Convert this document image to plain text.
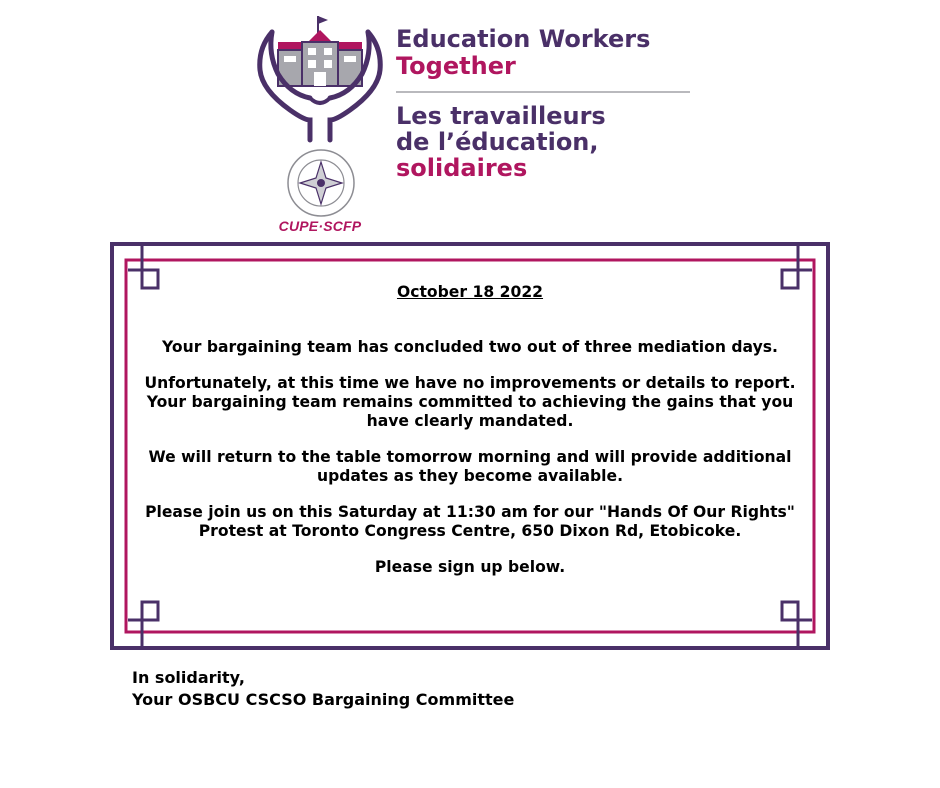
CUPE·SCFP
Education Workers
Together
Les travailleurs
de l’éducation,
solidaires

October 18 2022

Your bargaining team has concluded two out of three mediation days.

Unfortunately, at this time we have no improvements or details to report. Your bargaining team remains committed to achieving the gains that you have clearly mandated.

We will return to the table tomorrow morning and will provide additional updates as they become available.

Please join us on this Saturday at 11:30 am for our "Hands Of Our Rights" Protest at Toronto Congress Centre, 650 Dixon Rd, Etobicoke.

Please sign up below.

In solidarity,
Your OSBCU CSCSO Bargaining Committee
